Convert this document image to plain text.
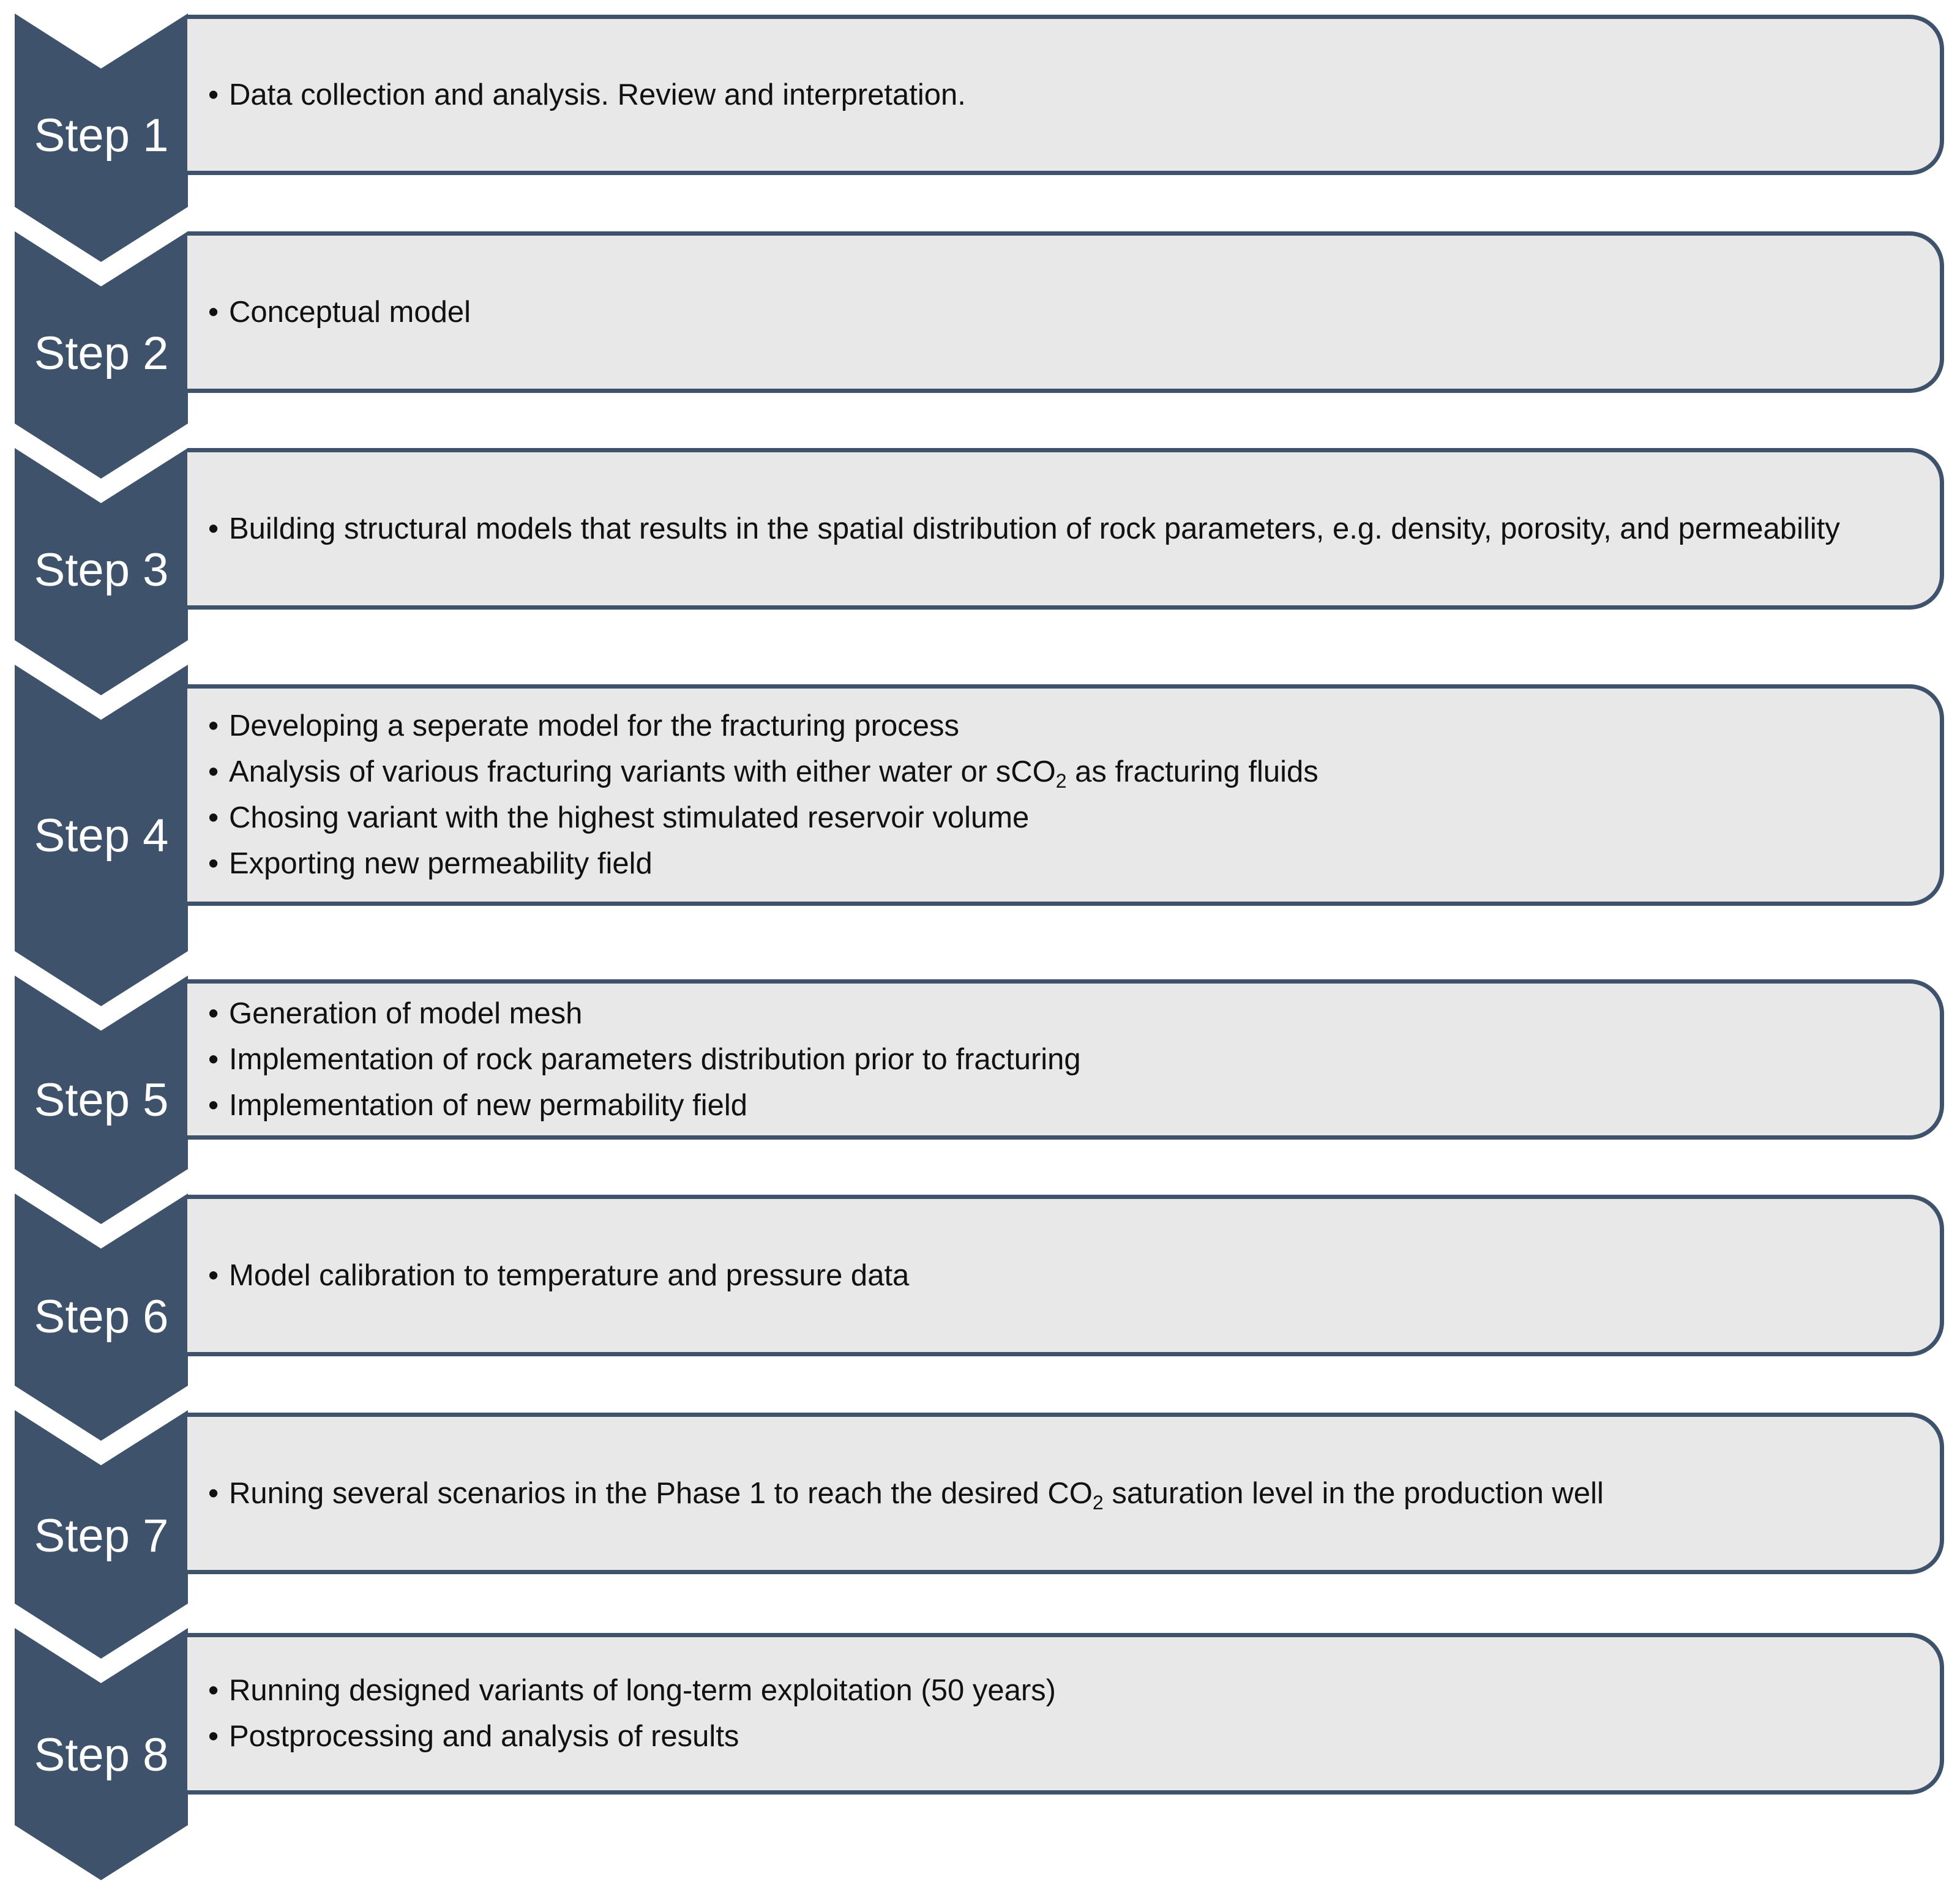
Step 1
• Data collection and analysis. Review and interpretation.
Step 2
• Conceptual model
Step 3
• Building structural models that results in the spatial distribution of rock parameters, e.g. density, porosity, and permeability
Step 4
• Developing a seperate model for the fracturing process
• Analysis of various fracturing variants with either water or sCO$_2$ as fracturing fluids
• Chosing variant with the highest stimulated reservoir volume
• Exporting new permeability field
Step 5
• Generation of model mesh
• Implementation of rock parameters distribution prior to fracturing
• Implementation of new permability field
Step 6
• Model calibration to temperature and pressure data
Step 7
• Runing several scenarios in the Phase 1 to reach the desired $CO_2$ saturation level in the production well
Step 8
• Running designed variants of long-term exploitation (50 years)
• Postprocessing and analysis of results
